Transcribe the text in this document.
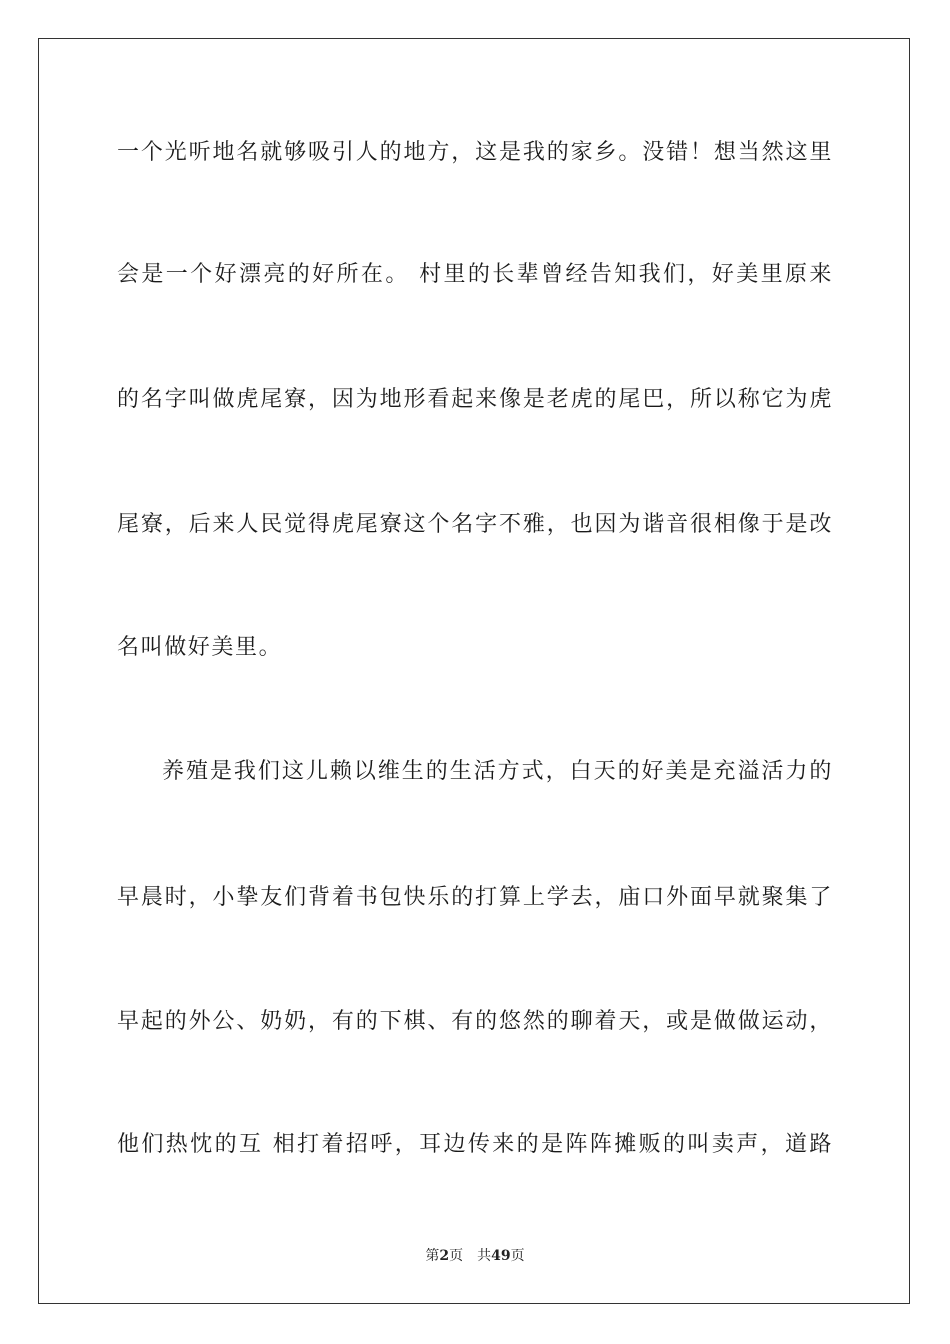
一个光听地名就够吸引人的地方，这是我的家乡。没错！想当然这里
会是一个好漂亮的好所在。 村里的长辈曾经告知我们，好美里原来
的名字叫做虎尾寮，因为地形看起来像是老虎的尾巴，所以称它为虎
尾寮，后来人民觉得虎尾寮这个名字不雅，也因为谐音很相像于是改
名叫做好美里。
养殖是我们这儿赖以维生的生活方式，白天的好美是充溢活力的
早晨时，小挚友们背着书包快乐的打算上学去，庙口外面早就聚集了
早起的外公、奶奶，有的下棋、有的悠然的聊着天，或是做做运动，
他们热忱的互 相打着招呼，耳边传来的是阵阵摊贩的叫卖声，道路
第2页 共49页
